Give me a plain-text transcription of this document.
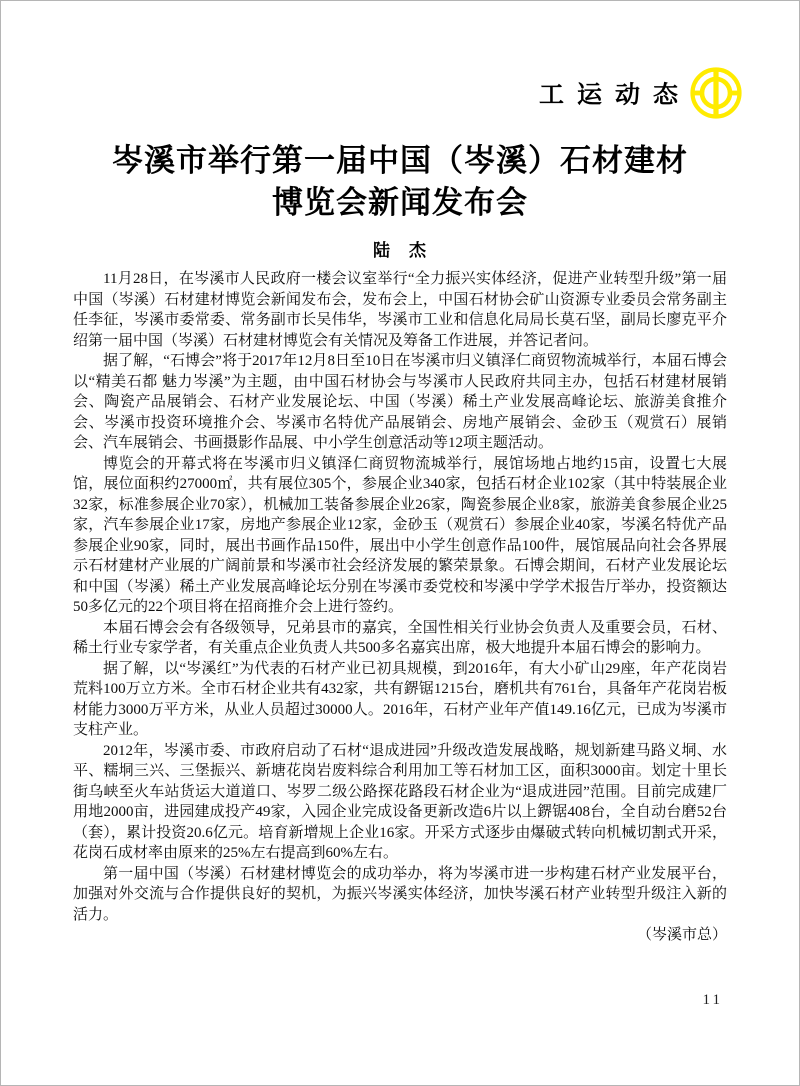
工运动态
岑溪市举行第一届中国（岑溪）石材建材
博览会新闻发布会
陆　杰

11月28日，在岑溪市人民政府一楼会议室举行“全力振兴实体经济，促进产业转型升级”第一届中国（岑溪）石材建材博览会新闻发布会，发布会上，中国石材协会矿山资源专业委员会常务副主任李征，岑溪市委常委、常务副市长吴伟华，岑溪市工业和信息化局局长莫石坚，副局长廖克平介绍第一届中国（岑溪）石材建材博览会有关情况及筹备工作进展，并答记者问。

据了解，“石博会”将于2017年12月8日至10日在岑溪市归义镇泽仁商贸物流城举行，本届石博会以“精美石都 魅力岑溪”为主题，由中国石材协会与岑溪市人民政府共同主办，包括石材建材展销会、陶瓷产品展销会、石材产业发展论坛、中国（岑溪）稀土产业发展高峰论坛、旅游美食推介会、岑溪市投资环境推介会、岑溪市名特优产品展销会、房地产展销会、金砂玉（观赏石）展销会、汽车展销会、书画摄影作品展、中小学生创意活动等12项主题活动。

博览会的开幕式将在岑溪市归义镇泽仁商贸物流城举行，展馆场地占地约15亩，设置七大展馆，展位面积约27000㎡，共有展位305个，参展企业340家，包括石材企业102家（其中特装展企业32家，标准参展企业70家），机械加工装备参展企业26家，陶瓷参展企业8家，旅游美食参展企业25家，汽车参展企业17家，房地产参展企业12家，金砂玉（观赏石）参展企业40家，岑溪名特优产品参展企业90家，同时，展出书画作品150件，展出中小学生创意作品100件，展馆展品向社会各界展示石材建材产业展的广阔前景和岑溪市社会经济发展的繁荣景象。石博会期间，石材产业发展论坛和中国（岑溪）稀土产业发展高峰论坛分别在岑溪市委党校和岑溪中学学术报告厅举办，投资额达50多亿元的22个项目将在招商推介会上进行签约。

本届石博会会有各级领导，兄弟县市的嘉宾，全国性相关行业协会负责人及重要会员，石材、稀土行业专家学者，有关重点企业负责人共500多名嘉宾出席，极大地提升本届石博会的影响力。

据了解，以“岑溪红”为代表的石材产业已初具规模，到2016年，有大小矿山29座，年产花岗岩荒料100万立方米。全市石材企业共有432家，共有鎅锯1215台，磨机共有761台，具备年产花岗岩板材能力3000万平方米，从业人员超过30000人。2016年，石材产业年产值149.16亿元，已成为岑溪市支柱产业。

2012年，岑溪市委、市政府启动了石材“退成进园”升级改造发展战略，规划新建马路义垌、水平、糯垌三兴、三堡振兴、新塘花岗岩废料综合利用加工等石材加工区，面积3000亩。划定十里长街乌峡至火车站货运大道道口、岑罗二级公路探花路段石材企业为“退成进园”范围。目前完成建厂用地2000亩，进园建成投产49家，入园企业完成设备更新改造6片以上鎅锯408台，全自动台磨52台（套），累计投资20.6亿元。培育新增规上企业16家。开采方式逐步由爆破式转向机械切割式开采，花岗石成材率由原来的25%左右提高到60%左右。

第一届中国（岑溪）石材建材博览会的成功举办，将为岑溪市进一步构建石材产业发展平台，加强对外交流与合作提供良好的契机，为振兴岑溪实体经济，加快岑溪石材产业转型升级注入新的活力。

（岑溪市总）
11
